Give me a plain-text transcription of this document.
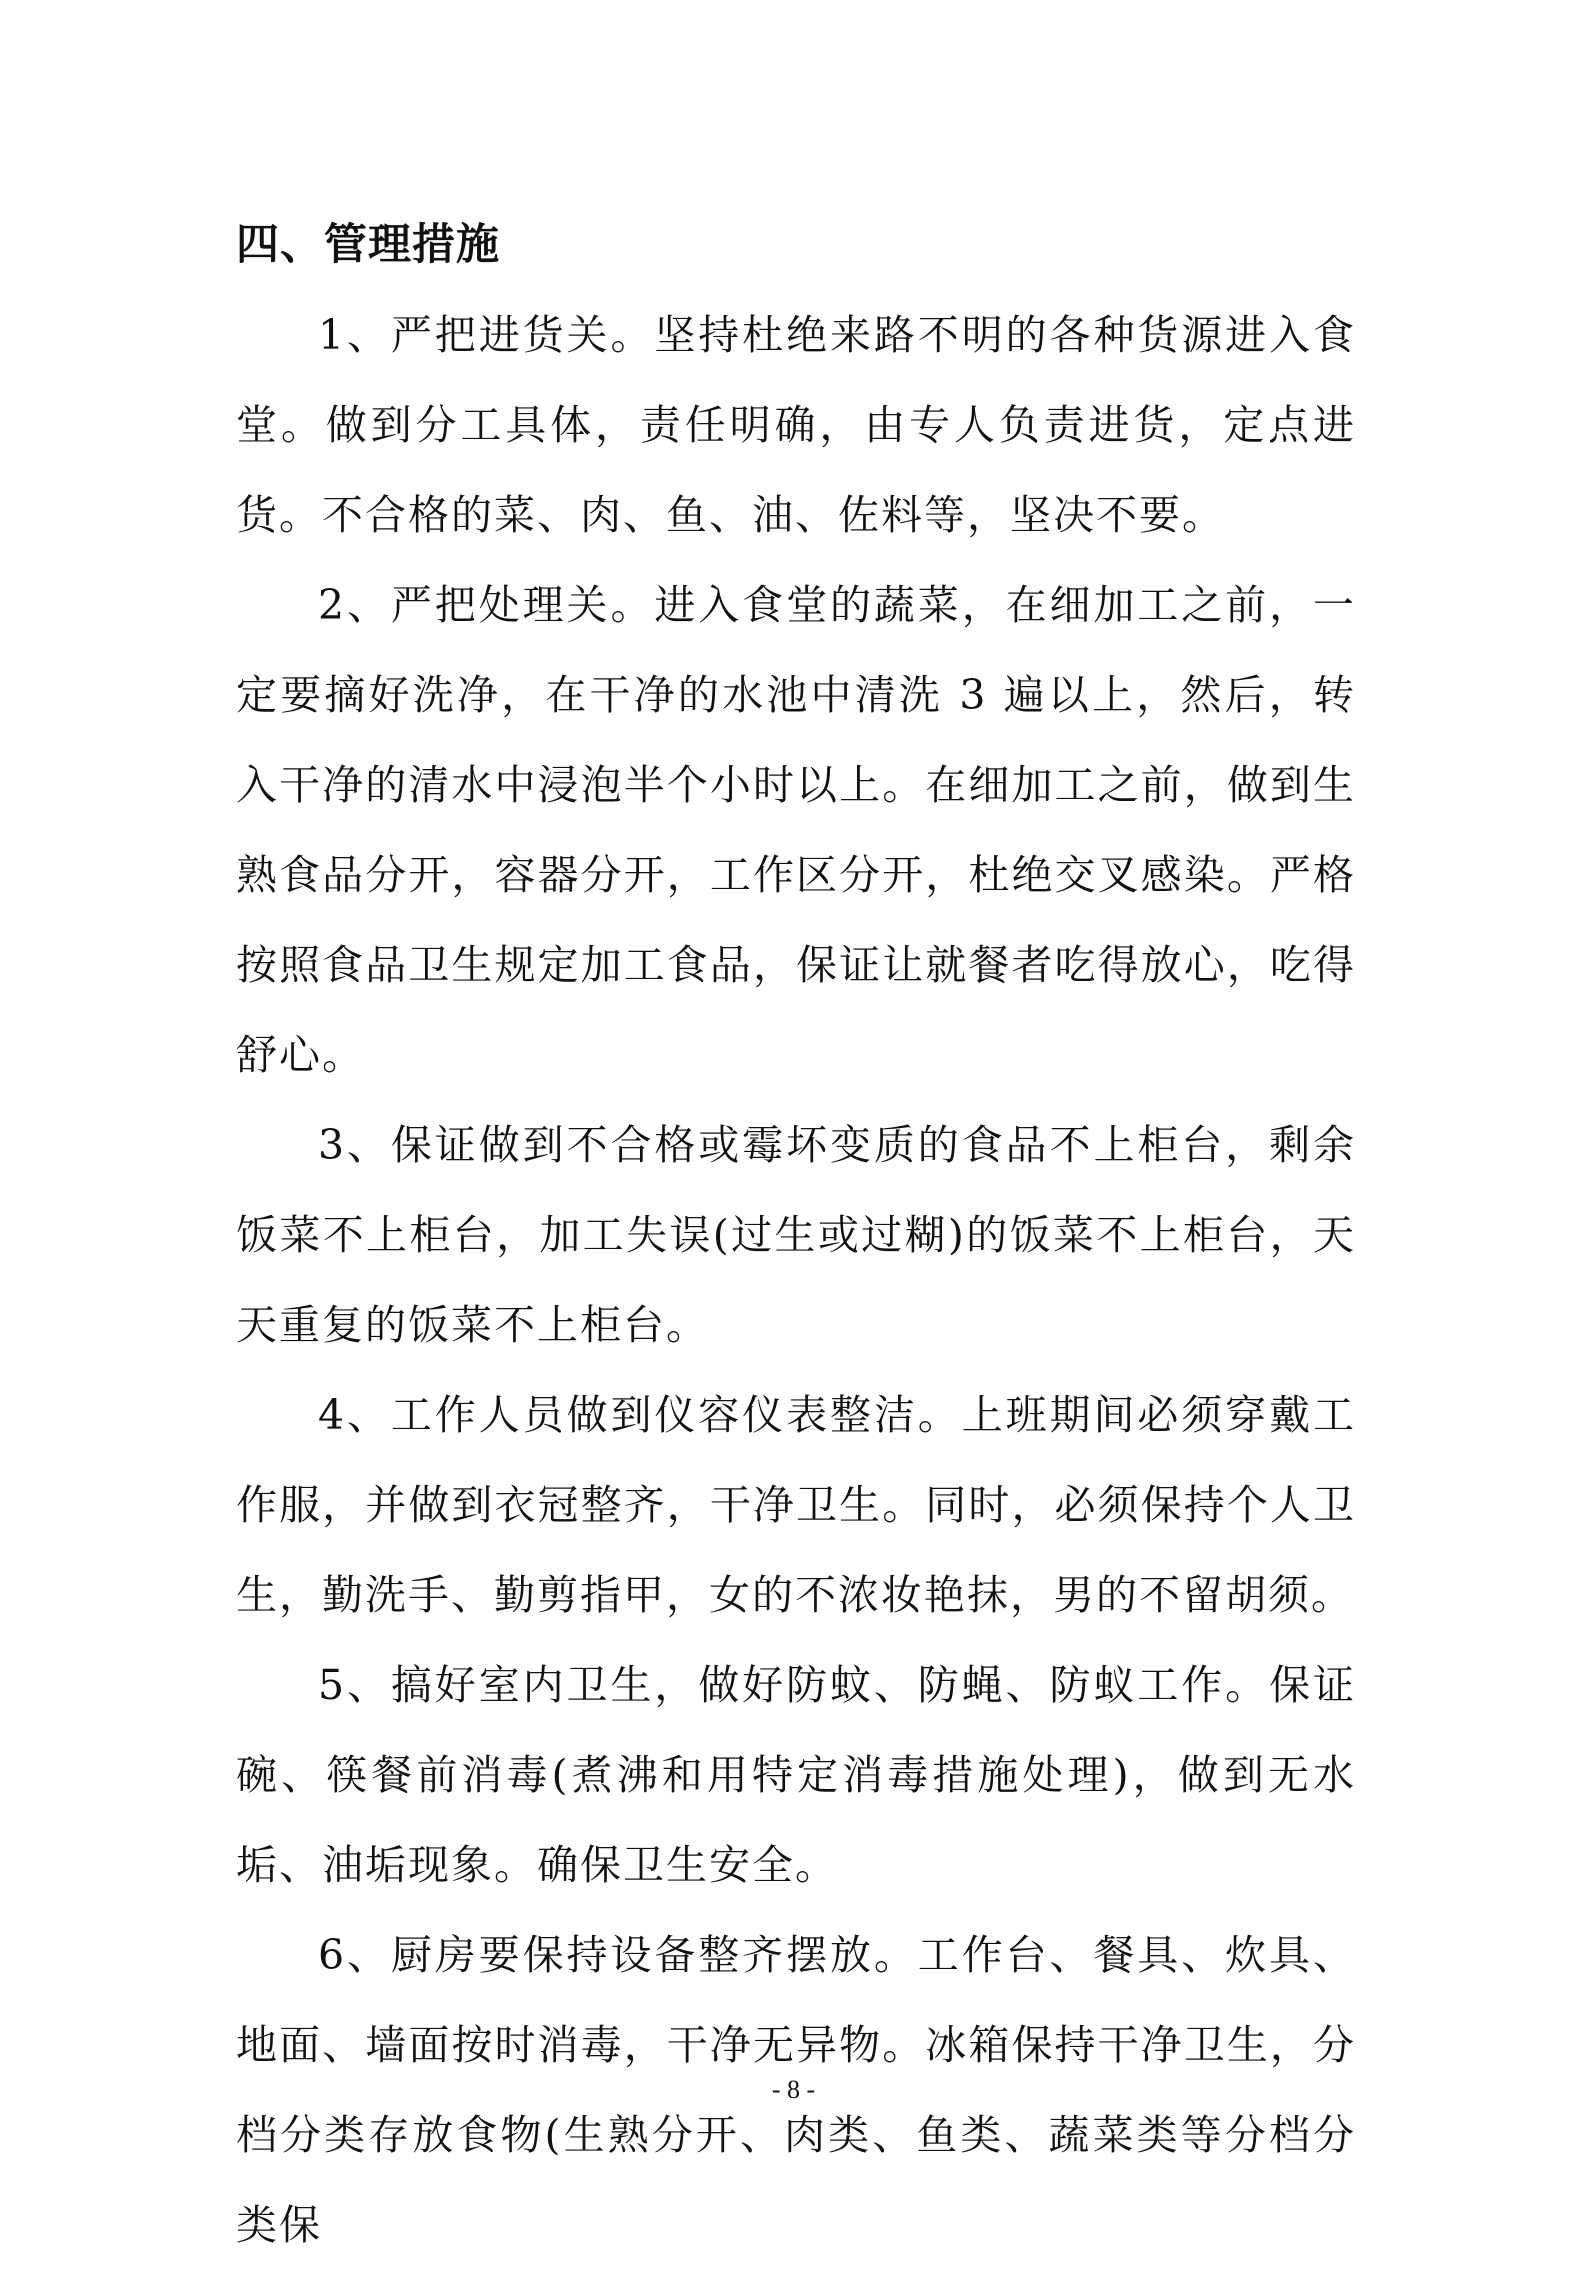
四、管理措施

1、严把进货关。坚持杜绝来路不明的各种货源进入食堂。做到分工具体，责任明确，由专人负责进货，定点进货。不合格的菜、肉、鱼、油、佐料等，坚决不要。

2、严把处理关。进入食堂的蔬菜，在细加工之前，一定要摘好洗净，在干净的水池中清洗 3 遍以上，然后，转入干净的清水中浸泡半个小时以上。在细加工之前，做到生熟食品分开，容器分开，工作区分开，杜绝交叉感染。严格按照食品卫生规定加工食品，保证让就餐者吃得放心，吃得舒心。

3、保证做到不合格或霉坏变质的食品不上柜台，剩余饭菜不上柜台，加工失误(过生或过糊)的饭菜不上柜台，天天重复的饭菜不上柜台。

4、工作人员做到仪容仪表整洁。上班期间必须穿戴工作服，并做到衣冠整齐，干净卫生。同时，必须保持个人卫生，勤洗手、勤剪指甲，女的不浓妆艳抹，男的不留胡须。

5、搞好室内卫生，做好防蚊、防蝇、防蚁工作。保证碗、筷餐前消毒(煮沸和用特定消毒措施处理)，做到无水垢、油垢现象。确保卫生安全。

6、厨房要保持设备整齐摆放。工作台、餐具、炊具、地面、墙面按时消毒，干净无异物。冰箱保持干净卫生，分档分类存放食物(生熟分开、肉类、鱼类、蔬菜类等分档分类保

- 8 -
